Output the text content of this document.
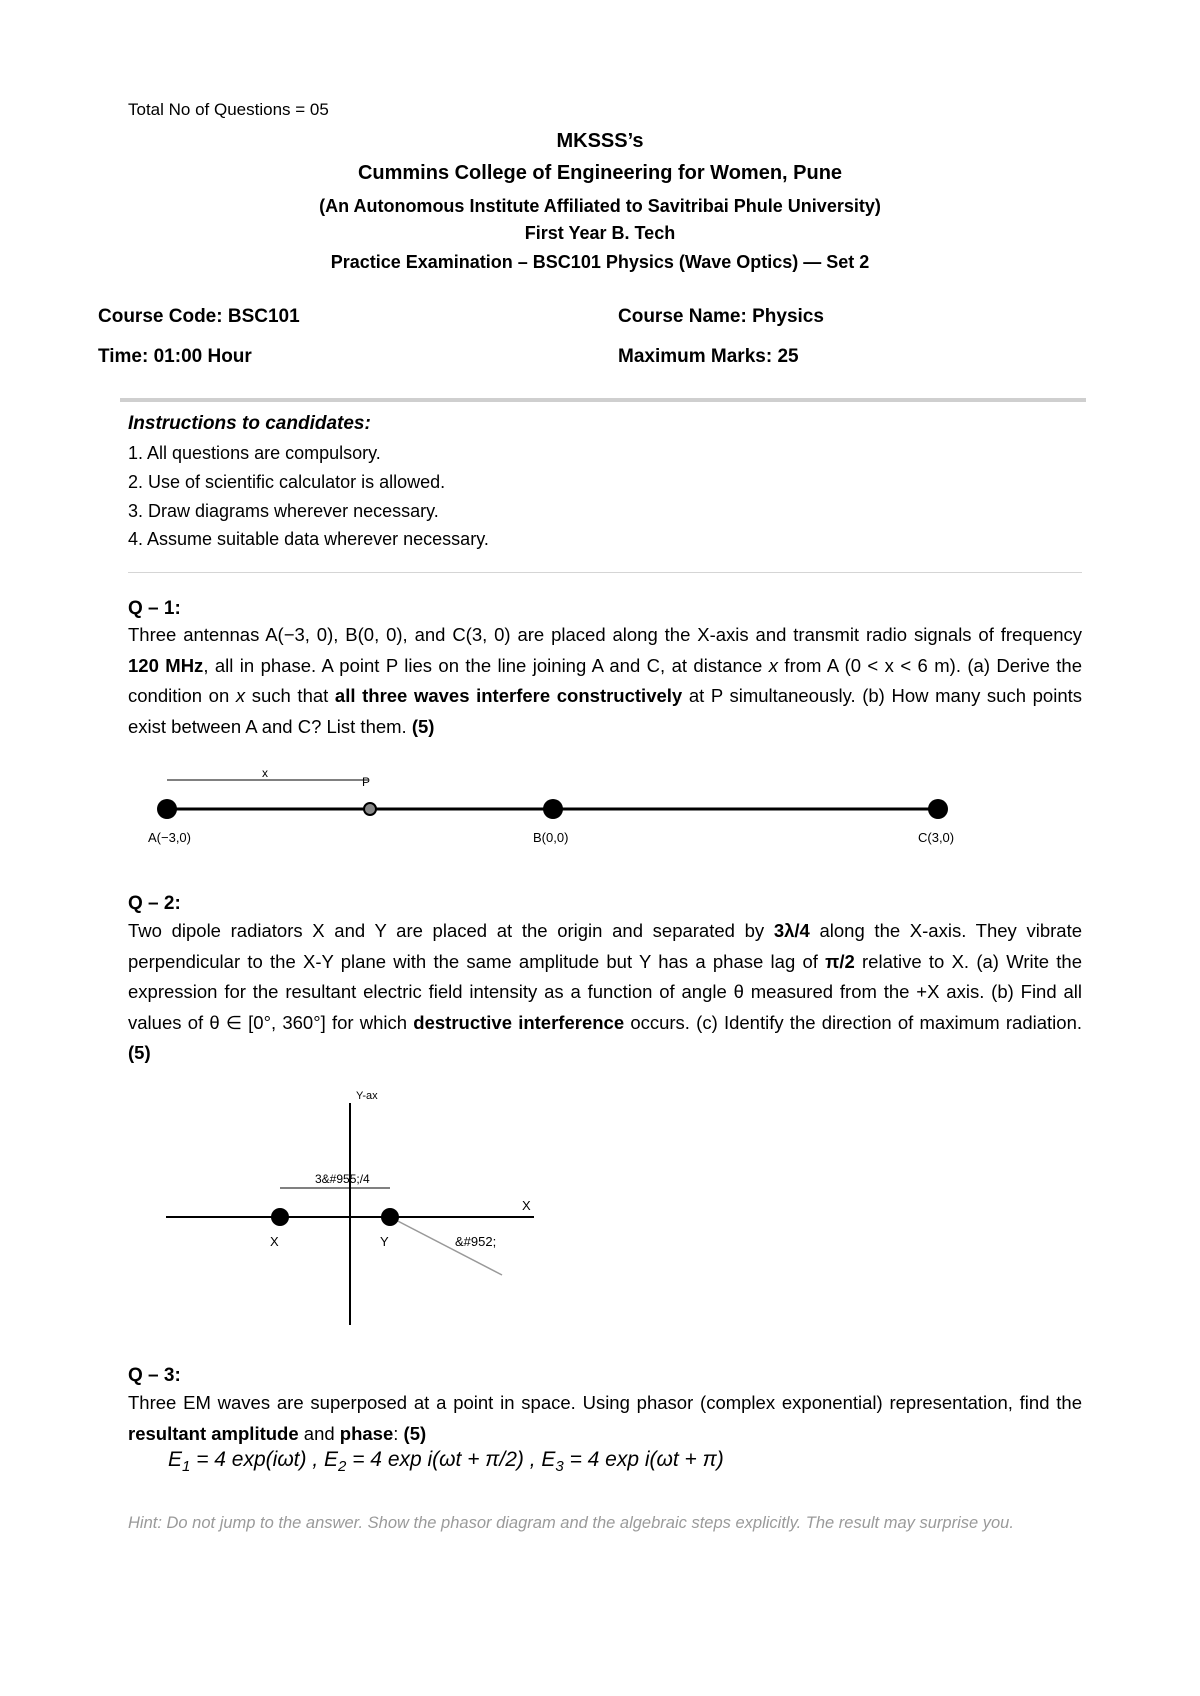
Total No of Questions = 05
MKSSS’s
Cummins College of Engineering for Women, Pune
(An Autonomous Institute Affiliated to Savitribai Phule University)
First Year B. Tech
Practice Examination – BSC101 Physics (Wave Optics) — Set 2
Course Code: BSC101	Course Name: Physics
Time: 01:00 Hour	Maximum Marks: 25
Instructions to candidates:
1. All questions are compulsory.
2. Use of scientific calculator is allowed.
3. Draw diagrams wherever necessary.
4. Assume suitable data wherever necessary.
Q – 1:
Three antennas A(−3, 0), B(0, 0), and C(3, 0) are placed along the X-axis and transmit radio signals of frequency 120 MHz, all in phase. A point P lies on the line joining A and C, at distance x from A (0 < x < 6 m). (a) Derive the condition on x such that all three waves interfere constructively at P simultaneously. (b) How many such points exist between A and C? List them. (5)
x
P
A(−3,0)	B(0,0)	C(3,0)
Q – 2:
Two dipole radiators X and Y are placed at the origin and separated by 3λ/4 along the X-axis. They vibrate perpendicular to the X-Y plane with the same amplitude but Y has a phase lag of π/2 relative to X. (a) Write the expression for the resultant electric field intensity as a function of angle θ measured from the +X axis. (b) Find all values of θ ∈ [0°, 360°] for which destructive interference occurs. (c) Identify the direction of maximum radiation. (5)
Y-ax
X
3&#955;/4
X	Y	&#952;
Q – 3:
Three EM waves are superposed at a point in space. Using phasor (complex exponential) representation, find the resultant amplitude and phase: (5)
$E_1 = 4$ exp(iωt) , $E_2 = 4$ exp i(ωt + π/2) , $E_3 = 4$ exp i(ωt + π)
Hint: Do not jump to the answer. Show the phasor diagram and the algebraic steps explicitly. The result may surprise you.
